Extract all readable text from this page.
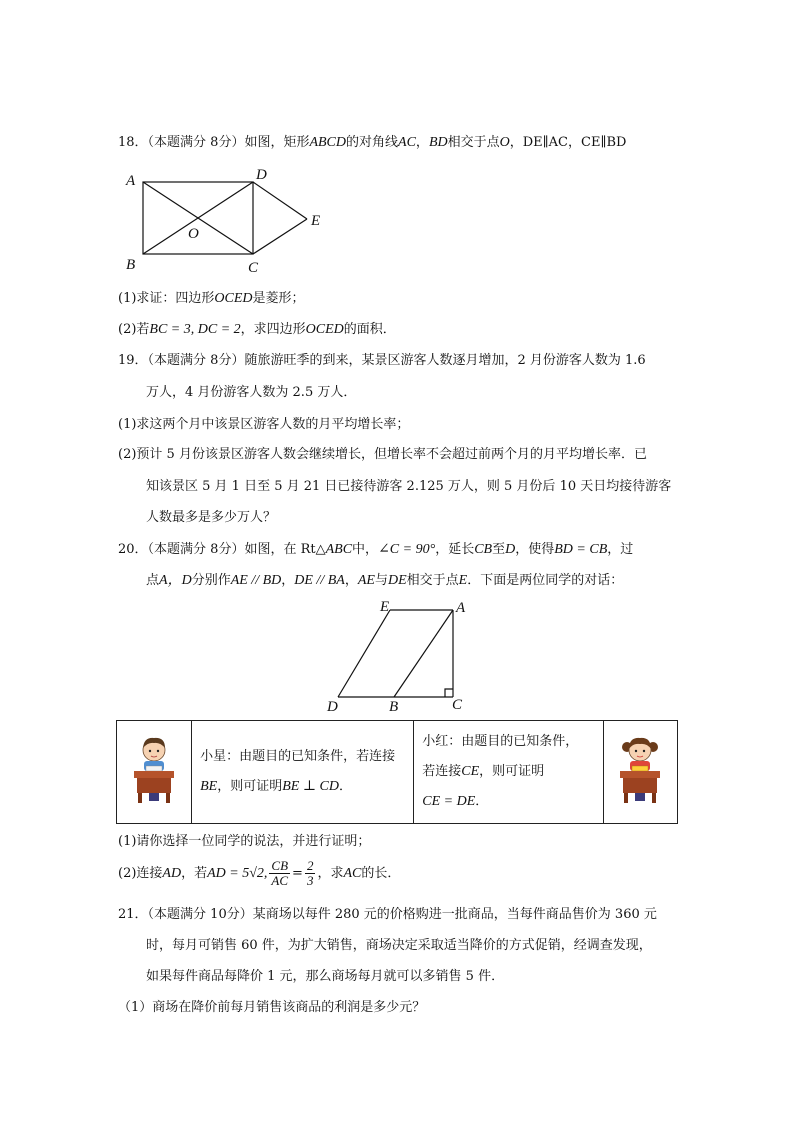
18．（本题满分 8分）如图，矩形ABCD的对角线AC，BD相交于点O，DE∥AC，CE∥BD
A
B	C
D
E
O
(1)求证：四边形OCED是菱形；
(2)若BC = 3, DC = 2，求四边形OCED的面积．
19．（本题满分 8分）随旅游旺季的到来，某景区游客人数逐月增加，2 月份游客人数为 1.6
万人，4 月份游客人数为 2.5 万人．
(1)求这两个月中该景区游客人数的月平均增长率；
(2)预计 5 月份该景区游客人数会继续增长，但增长率不会超过前两个月的月平均增长率．已
知该景区 5 月 1 日至 5 月 21 日已接待游客 2.125 万人，则 5 月份后 10 天日均接待游客
人数最多是多少万人？
20．（本题满分 8分）如图，在 Rt△ABC中，∠C = 90°，延长CB至D，使得BD = CB，过
点A，D分别作AE // BD，DE // BA，AE与DE相交于点E．下面是两位同学的对话：
D	B	C
E	A

小星：由题目的已知条件，若连接
BE，则可证明BE ⊥ CD．

小红：由题目的已知条件，
若连接CE，则可证明
CE = DE．

(1)请你选择一位同学的说法，并进行证明；
(2)连接AD，若AD = 5√2, $\frac{CB}{AC} = \frac{2}{3}$ ，求AC的长．
21．（本题满分 10分）某商场以每件 280 元的价格购进一批商品，当每件商品售价为 360 元
时，每月可销售 60 件，为扩大销售，商场决定采取适当降价的方式促销，经调查发现，
如果每件商品每降价 1 元，那么商场每月就可以多销售 5 件．
（1）商场在降价前每月销售该商品的利润是多少元？
